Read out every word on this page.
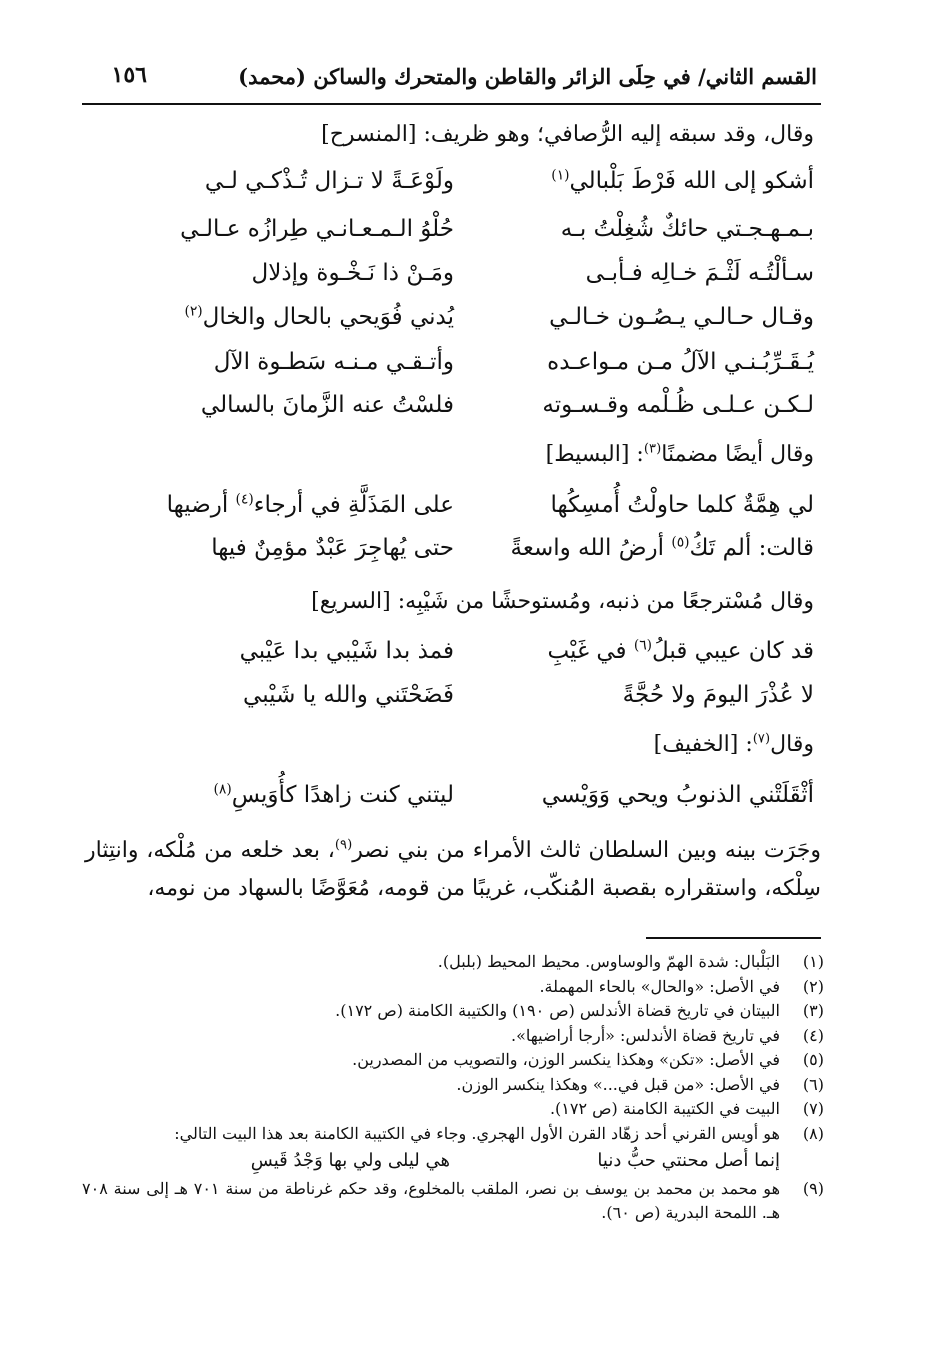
القسم الثاني/ في حِلَى الزائر والقاطن والمتحرك والساكن (محمد)
١٥٦
وقال، وقد سبقه إليه الرُّصافي؛ وهو ظريف: [المنسرح]
أشكو إلى الله فَرْطَ بَلْبالي$^{(١)}$
ولَوْعَـةً لا تـزال تُـذْكـي لـي
بـمـهـجـتي حائكٌ شُغِلْتُ بـه
حُلْوُ الـمـعـانـي طِرازُه عـالـي
سـألْتُـه لَثْـمَ خـالِه فـأبـى
ومَـنْ ذا نَـخْـوة وإذلال
وقـال حـالـي يـصُـون خـالـي
يُدني فُوَيحي بالحال والخال$^{(٢)}$
يُـقَـرِّبُـنـي الآلُ مـن مـواعـده
وأتـقـي مـنـه سَطـوة الآل
لـكـن عـلـى ظُـلْمه وقـسـوته
فلسْتُ عنه الزَّمانَ بالسالي
وقال أيضًا مضمنًا$^{(٣)}$: [البسيط]
لي هِمَّةٌ كلما حاولْتُ أُمسِكُها
على المَذَلَّةِ في أرجاء$^{(٤)}$ أرضيها
قالت: ألم تَكُ$^{(٥)}$ أرضُ الله واسعةً
حتى يُهاجِرَ عَبْدٌ مؤمِنٌ فيها
وقال مُسْترجعًا من ذنبه، ومُستوحشًا من شَيْبِه: [السريع]
قد كان عيبي قبلُ$^{(٦)}$ في غَيْبِ
فمذ بدا شَيْبي بدا عَيْبي
لا عُذْرَ اليومَ ولا حُجَّةً
فَضَحْتَني والله يا شَيْبي
وقال$^{(٧)}$: [الخفيف]
أثْقَلَتْني الذنوبُ ويحي وَوَيْسي
ليتني كنت زاهدًا كأُوَيسِ$^{(٨)}$
وجَرَت بينه وبين السلطان ثالث الأمراء من بني نصر$^{(٩)}$، بعد خلعه من مُلْكه، وانتِثار سِلْكه، واستقراره بقصبة المُنكّب، غريبًا من قومه، مُعَوَّضًا بالسهاد من نومه،
(١)
البَلْبال: شدة الهمّ والوساوس. محيط المحيط (بلبل).
(٢)
في الأصل: «والحال» بالحاء المهملة.
(٣)
البيتان في تاريخ قضاة الأندلس (ص ١٩٠) والكتيبة الكامنة (ص ١٧٢).
(٤)
في تاريخ قضاة الأندلس: «أرجا أراضيها».
(٥)
في الأصل: «تكن» وهكذا ينكسر الوزن، والتصويب من المصدرين.
(٦)
في الأصل: «من قبل في...» وهكذا ينكسر الوزن.
(٧)
البيت في الكتيبة الكامنة (ص ١٧٢).
(٨)
هو أويس القرني أحد زهّاد القرن الأول الهجري. وجاء في الكتيبة الكامنة بعد هذا البيت التالي:
إنما أصل محنتي حبُّ دنيا
هي ليلى ولي بها وَجْدُ قَيسِ
(٩)
هو محمد بن محمد بن يوسف بن نصر، الملقب بالمخلوع، وقد حكم غرناطة من سنة ٧٠١ هـ إلى سنة ٧٠٨ هـ. اللمحة البدرية (ص ٦٠).
